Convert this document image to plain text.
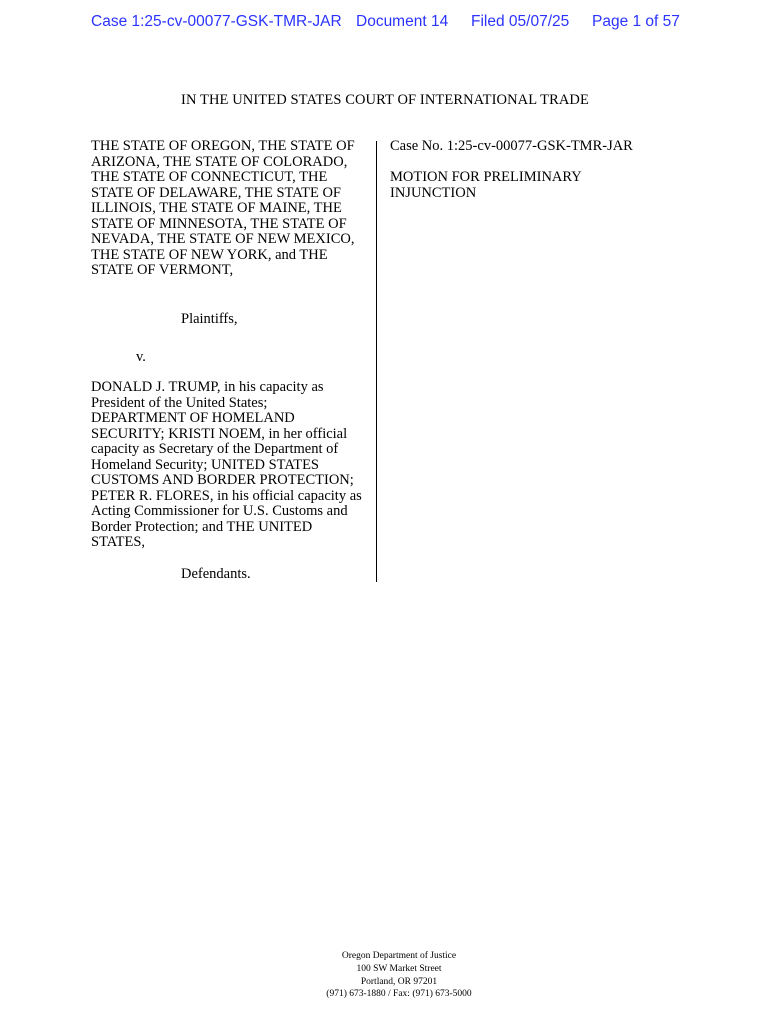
Case 1:25-cv-00077-GSK-TMR-JAR Document 14 Filed 05/07/25 Page 1 of 57
IN THE UNITED STATES COURT OF INTERNATIONAL TRADE

THE STATE OF OREGON, THE STATE OF
ARIZONA, THE STATE OF COLORADO,
THE STATE OF CONNECTICUT, THE
STATE OF DELAWARE, THE STATE OF
ILLINOIS, THE STATE OF MAINE, THE
STATE OF MINNESOTA, THE STATE OF
NEVADA, THE STATE OF NEW MEXICO,
THE STATE OF NEW YORK, and THE
STATE OF VERMONT,

Plaintiffs,
v.
DONALD J. TRUMP, in his capacity as
President of the United States;
DEPARTMENT OF HOMELAND
SECURITY; KRISTI NOEM, in her official
capacity as Secretary of the Department of
Homeland Security; UNITED STATES
CUSTOMS AND BORDER PROTECTION;
PETER R. FLORES, in his official capacity as
Acting Commissioner for U.S. Customs and
Border Protection; and THE UNITED
STATES,
Defendants.

Case No. 1:25-cv-00077-GSK-TMR-JAR

MOTION FOR PRELIMINARY
INJUNCTION

Oregon Department of Justice
100 SW Market Street
Portland, OR 97201
(971) 673-1880 / Fax: (971) 673-5000
